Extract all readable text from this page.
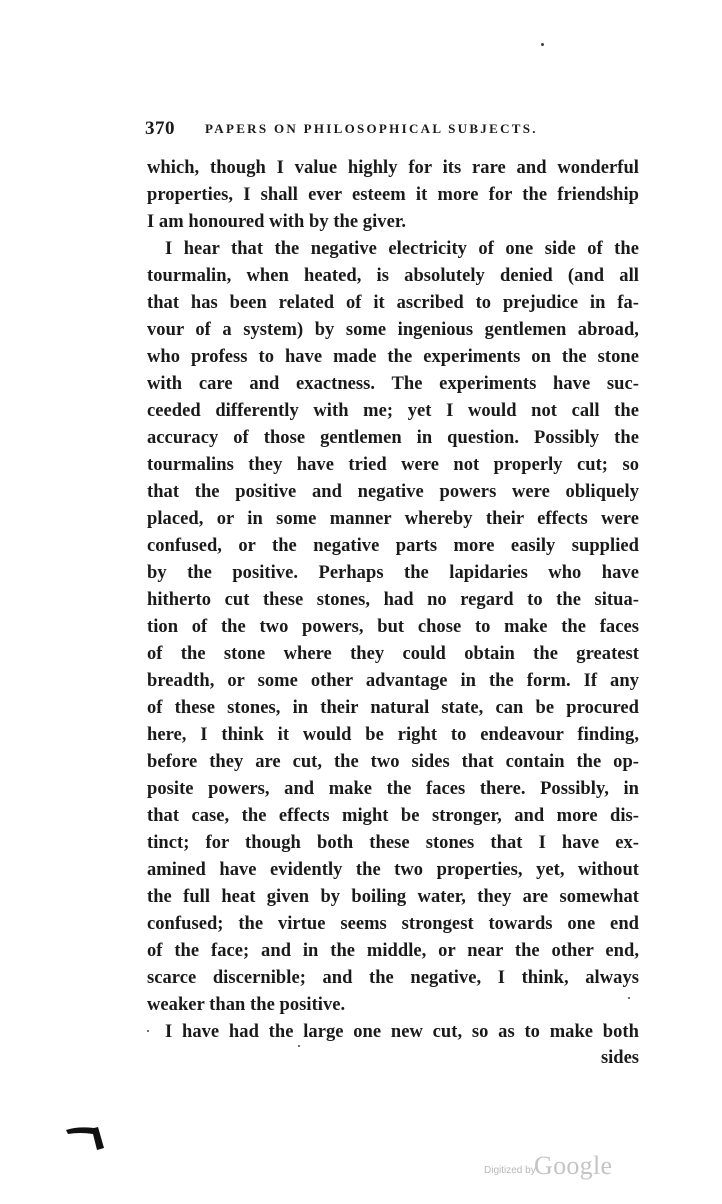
370 PAPERS ON PHILOSOPHICAL SUBJECTS.
which, though I value highly for its rare and wonderful
properties, I shall ever esteem it more for the friendship
I am honoured with by the giver.
I hear that the negative electricity of one side of the
tourmalin, when heated, is absolutely denied (and all
that has been related of it ascribed to prejudice in fa-
vour of a system) by some ingenious gentlemen abroad,
who profess to have made the experiments on the stone
with care and exactness. The experiments have suc-
ceeded differently with me; yet I would not call the
accuracy of those gentlemen in question. Possibly the
tourmalins they have tried were not properly cut; so
that the positive and negative powers were obliquely
placed, or in some manner whereby their effects were
confused, or the negative parts more easily supplied
by the positive. Perhaps the lapidaries who have
hitherto cut these stones, had no regard to the situa-
tion of the two powers, but chose to make the faces
of the stone where they could obtain the greatest
breadth, or some other advantage in the form. If any
of these stones, in their natural state, can be procured
here, I think it would be right to endeavour finding,
before they are cut, the two sides that contain the op-
posite powers, and make the faces there. Possibly, in
that case, the effects might be stronger, and more dis-
tinct; for though both these stones that I have ex-
amined have evidently the two properties, yet, without
the full heat given by boiling water, they are somewhat
confused; the virtue seems strongest towards one end
of the face; and in the middle, or near the other end,
scarce discernible; and the negative, I think, always
weaker than the positive.
I have had the large one new cut, so as to make both
sides
Digitized by
Google
